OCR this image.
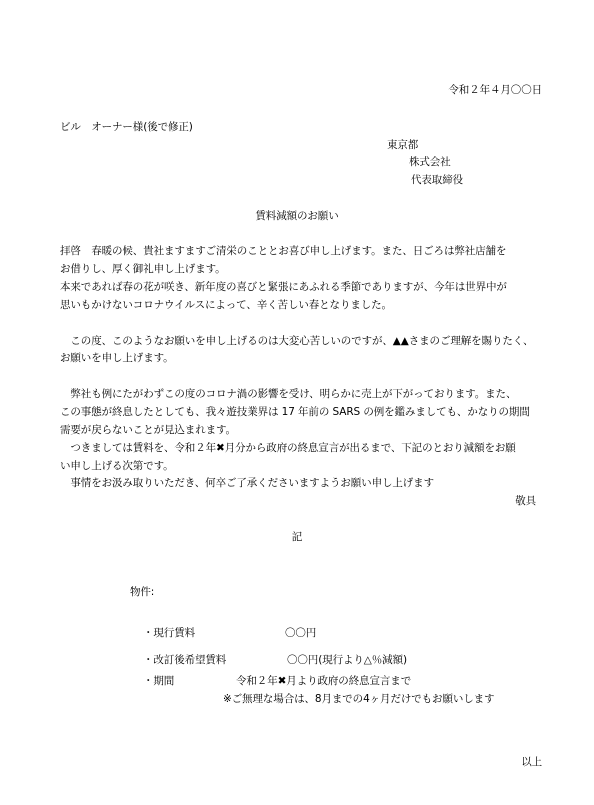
令和２年４月〇〇日
ビル　オーナー様(後で修正)
東京都
株式会社
代表取締役
賃料減額のお願い
拝啓　春暖の候、貴社ますますご清栄のこととお喜び申し上げます。また、日ごろは弊社店舗を
お借りし、厚く御礼申し上げます。
本来であれば春の花が咲き、新年度の喜びと緊張にあふれる季節でありますが、今年は世界中が
思いもかけないコロナウイルスによって、辛く苦しい春となりました。
　この度、このようなお願いを申し上げるのは大変心苦しいのですが、▲▲さまのご理解を賜りたく、
お願いを申し上げます。
　弊社も例にたがわずこの度のコロナ渦の影響を受け、明らかに売上が下がっております。また、
この事態が終息したとしても、我々遊技業界は 17 年前の SARS の例を鑑みましても、かなりの期間
需要が戻らないことが見込まれます。
　つきましては賃料を、令和２年✖月分から政府の終息宣言が出るまで、下記のとおり減額をお願
い申し上げる次第です。
　事情をお汲み取りいただき、何卒ご了承くださいますようお願い申し上げます
敬具
記
物件:
・現行賃料	〇〇円
・改訂後希望賃料	〇〇円(現行より△％減額)
・期間	令和２年✖月より政府の終息宣言まで
※ご無理な場合は、8月までの4ヶ月だけでもお願いします
以上
